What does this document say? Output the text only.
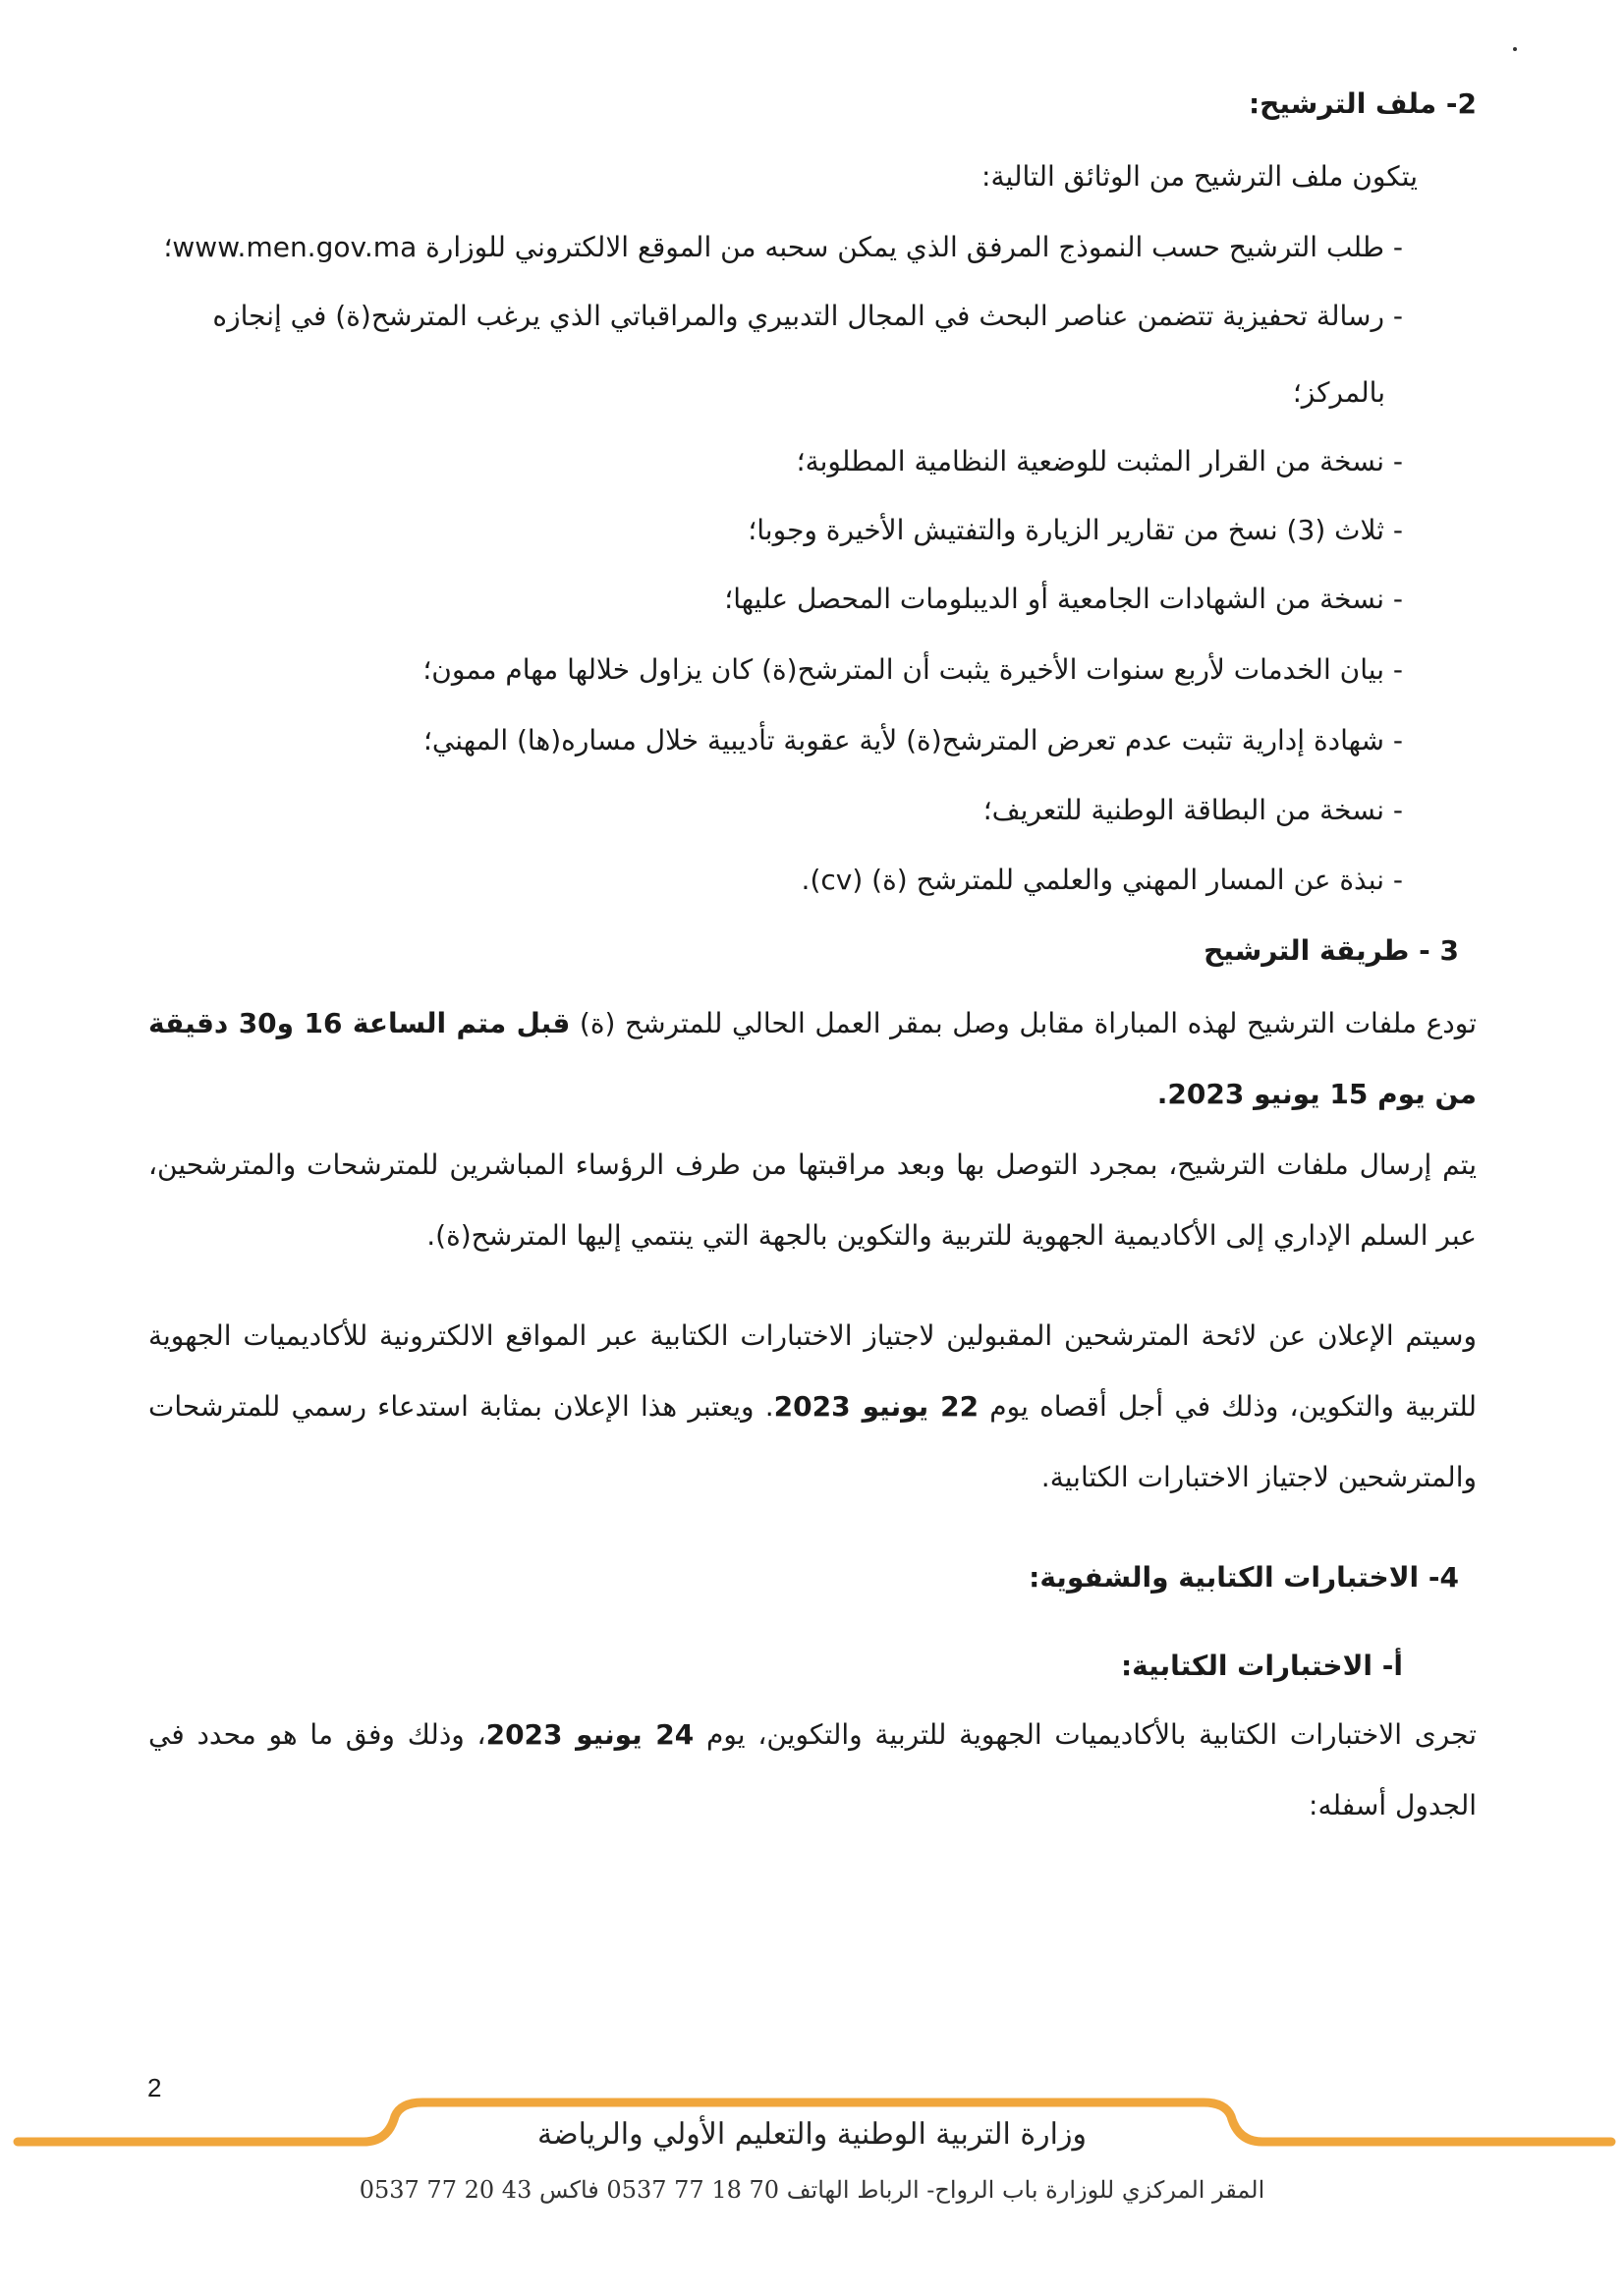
2- ملف الترشيح:
يتكون ملف الترشيح من الوثائق التالية:
- طلب الترشيح حسب النموذج المرفق الذي يمكن سحبه من الموقع الالكتروني للوزارة www.men.gov.ma؛
- رسالة تحفيزية تتضمن عناصر البحث في المجال التدبيري والمراقباتي الذي يرغب المترشح(ة) في إنجازه
بالمركز؛
- نسخة من القرار المثبت للوضعية النظامية المطلوبة؛
- ثلاث (3) نسخ من تقارير الزيارة والتفتيش الأخيرة وجوبا؛
- نسخة من الشهادات الجامعية أو الديبلومات المحصل عليها؛
- بيان الخدمات لأربع سنوات الأخيرة يثبت أن المترشح(ة) كان يزاول خلالها مهام ممون؛
- شهادة إدارية تثبت عدم تعرض المترشح(ة) لأية عقوبة تأديبية خلال مساره(ها) المهني؛
- نسخة من البطاقة الوطنية للتعريف؛
- نبذة عن المسار المهني والعلمي للمترشح (ة) (cv).
3 - طريقة الترشيح
تودع ملفات الترشيح لهذه المباراة مقابل وصل بمقر العمل الحالي للمترشح (ة) قبل متم الساعة 16 و30 دقيقة من يوم 15 يونيو 2023.
يتم إرسال ملفات الترشيح، بمجرد التوصل بها وبعد مراقبتها من طرف الرؤساء المباشرين للمترشحات والمترشحين، عبر السلم الإداري إلى الأكاديمية الجهوية للتربية والتكوين بالجهة التي ينتمي إليها المترشح(ة).
وسيتم الإعلان عن لائحة المترشحين المقبولين لاجتياز الاختبارات الكتابية عبر المواقع الالكترونية للأكاديميات الجهوية للتربية والتكوين، وذلك في أجل أقصاه يوم 22 يونيو 2023. ويعتبر هذا الإعلان بمثابة استدعاء رسمي للمترشحات والمترشحين لاجتياز الاختبارات الكتابية.
4- الاختبارات الكتابية والشفوية:
أ- الاختبارات الكتابية:
تجرى الاختبارات الكتابية بالأكاديميات الجهوية للتربية والتكوين، يوم 24 يونيو 2023، وذلك وفق ما هو محدد في الجدول أسفله:
2
وزارة التربية الوطنية والتعليم الأولي والرياضة
المقر المركزي للوزارة باب الرواح- الرباط الهاتف 70 18 77 0537 فاكس 43 20 77 0537
